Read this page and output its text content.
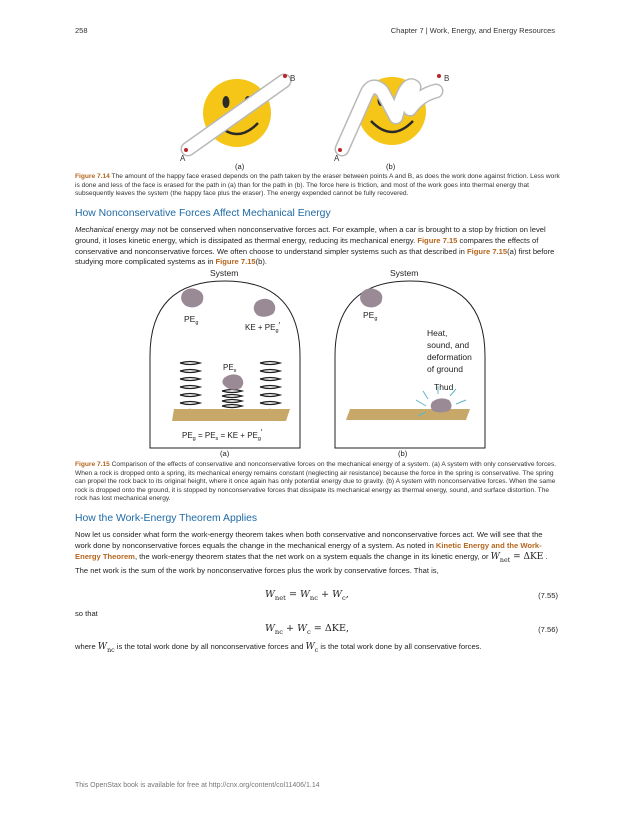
258	Chapter 7 | Work, Energy, and Energy Resources
A
B
A
B
(a)	(b)
Figure 7.14 The amount of the happy face erased depends on the path taken by the eraser between points A and B, as does the work done against friction. Less work is done and less of the face is erased for the path in (a) than for the path in (b). The force here is friction, and most of the work goes into thermal energy that subsequently leaves the system (the happy face plus the eraser). The energy expended cannot be fully recovered.
How Nonconservative Forces Affect Mechanical Energy
Mechanical energy may not be conserved when nonconservative forces act. For example, when a car is brought to a stop by friction on level ground, it loses kinetic energy, which is dissipated as thermal energy, reducing its mechanical energy. Figure 7.15 compares the effects of conservative and nonconservative forces. We often choose to understand simpler systems such as that described in Figure 7.15(a) first before studying more complicated systems as in Figure 7.15(b).
System
$PE_g$	KE + $PE_g'$
$PE_s$
$PE_g = PE_s$ = KE + $PE_g'$
System
$PE_g$
Heat,
sound, and
deformation
of ground
Thud
(a)	(b)
Figure 7.15 Comparison of the effects of conservative and nonconservative forces on the mechanical energy of a system. (a) A system with only conservative forces. When a rock is dropped onto a spring, its mechanical energy remains constant (neglecting air resistance) because the force in the spring is conservative. The spring can propel the rock back to its original height, where it once again has only potential energy due to gravity. (b) A system with nonconservative forces. When the same rock is dropped onto the ground, it is stopped by nonconservative forces that dissipate its mechanical energy as thermal energy, sound, and surface distortion. The rock has lost mechanical energy.
How the Work-Energy Theorem Applies
Now let us consider what form the work-energy theorem takes when both conservative and nonconservative forces act. We will see that the work done by nonconservative forces equals the change in the mechanical energy of a system. As noted in Kinetic Energy and the Work-Energy Theorem, the work-energy theorem states that the net work on a system equals the change in its kinetic energy, or $W_{net} = \Delta KE$ . The net work is the sum of the work by nonconservative forces plus the work by conservative forces. That is,
$W_{net} = W_{nc} + W_c$,	(7.55)
so that
$W_{nc} + W_c = \Delta KE$,	(7.56)
where $W_{nc}$ is the total work done by all nonconservative forces and $W_c$ is the total work done by all conservative forces.
This OpenStax book is available for free at http://cnx.org/content/col11406/1.14
